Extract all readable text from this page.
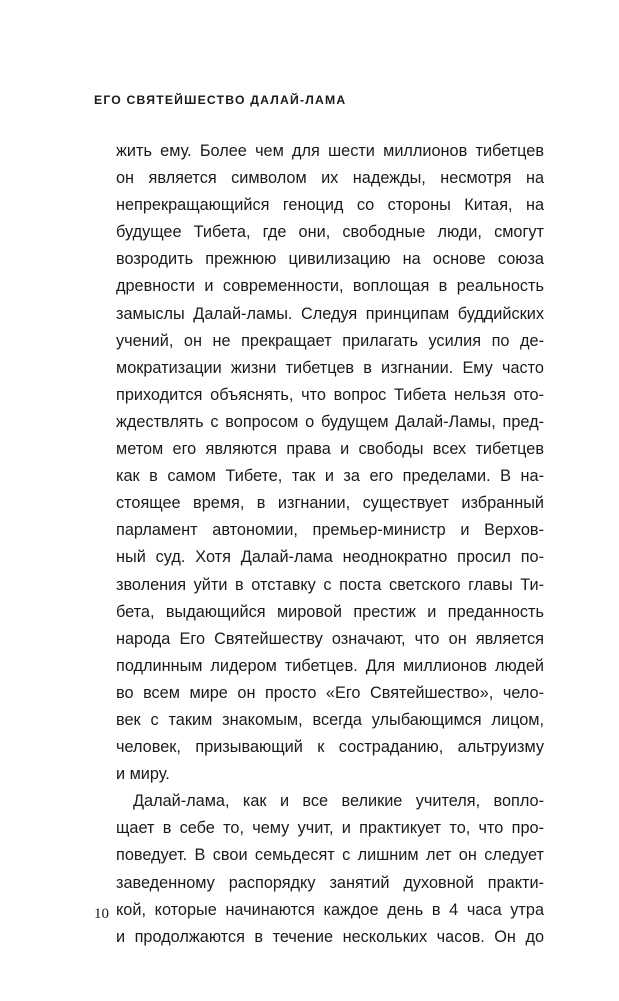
ЕГО СВЯТЕЙШЕСТВО ДАЛАЙ-ЛАМА
жить ему. Более чем для шести миллионов тибетцев
он является символом их надежды, несмотря на
непрекращающийся геноцид со стороны Китая, на
будущее Тибета, где они, свободные люди, смогут
возродить прежнюю цивилизацию на основе союза
древности и современности, воплощая в реальность
замыслы Далай-ламы. Следуя принципам буддийских
учений, он не прекращает прилагать усилия по де-
мократизации жизни тибетцев в изгнании. Ему часто
приходится объяснять, что вопрос Тибета нельзя ото-
ждествлять с вопросом о будущем Далай-Ламы, пред-
метом его являются права и свободы всех тибетцев
как в самом Тибете, так и за его пределами. В на-
стоящее время, в изгнании, существует избранный
парламент автономии, премьер-министр и Верхов-
ный суд. Хотя Далай-лама неоднократно просил по-
зволения уйти в отставку с поста светского главы Ти-
бета, выдающийся мировой престиж и преданность
народа Его Святейшеству означают, что он является
подлинным лидером тибетцев. Для миллионов людей
во всем мире он просто «Его Святейшество», чело-
век с таким знакомым, всегда улыбающимся лицом,
человек, призывающий к состраданию, альтруизму
и миру.
Далай-лама, как и все великие учителя, вопло-
щает в себе то, чему учит, и практикует то, что про-
поведует. В свои семьдесят с лишним лет он следует
заведенному распорядку занятий духовной практи-
кой, которые начинаются каждое день в 4 часа утра
и продолжаются в течение нескольких часов. Он до
10
